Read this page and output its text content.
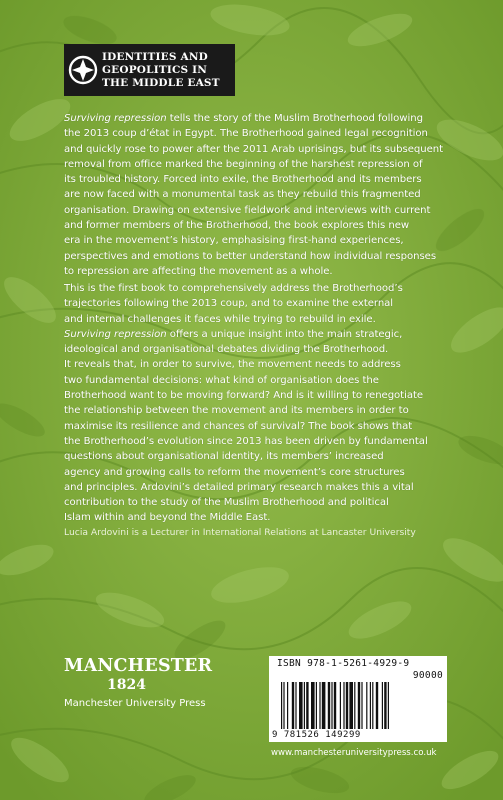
IDENTITIES AND
GEOPOLITICS IN
THE MIDDLE EAST
Surviving repression tells the story of the Muslim Brotherhood following
the 2013 coup d’état in Egypt. The Brotherhood gained legal recognition
and quickly rose to power after the 2011 Arab uprisings, but its subsequent
removal from office marked the beginning of the harshest repression of
its troubled history. Forced into exile, the Brotherhood and its members
are now faced with a monumental task as they rebuild this fragmented
organisation. Drawing on extensive fieldwork and interviews with current
and former members of the Brotherhood, the book explores this new
era in the movement’s history, emphasising first-hand experiences,
perspectives and emotions to better understand how individual responses
to repression are affecting the movement as a whole.
This is the first book to comprehensively address the Brotherhood’s
trajectories following the 2013 coup, and to examine the external
and internal challenges it faces while trying to rebuild in exile.
Surviving repression offers a unique insight into the main strategic,
ideological and organisational debates dividing the Brotherhood.
It reveals that, in order to survive, the movement needs to address
two fundamental decisions: what kind of organisation does the
Brotherhood want to be moving forward? And is it willing to renegotiate
the relationship between the movement and its members in order to
maximise its resilience and chances of survival? The book shows that
the Brotherhood’s evolution since 2013 has been driven by fundamental
questions about organisational identity, its members’ increased
agency and growing calls to reform the movement’s core structures
and principles. Ardovini’s detailed primary research makes this a vital
contribution to the study of the Muslim Brotherhood and political
Islam within and beyond the Middle East.
Lucia Ardovini is a Lecturer in International Relations at Lancaster University
MANCHESTER
1824
Manchester University Press
ISBN 978-1-5261-4929-9
90000
9 781526 149299
www.manchesteruniversitypress.co.uk
